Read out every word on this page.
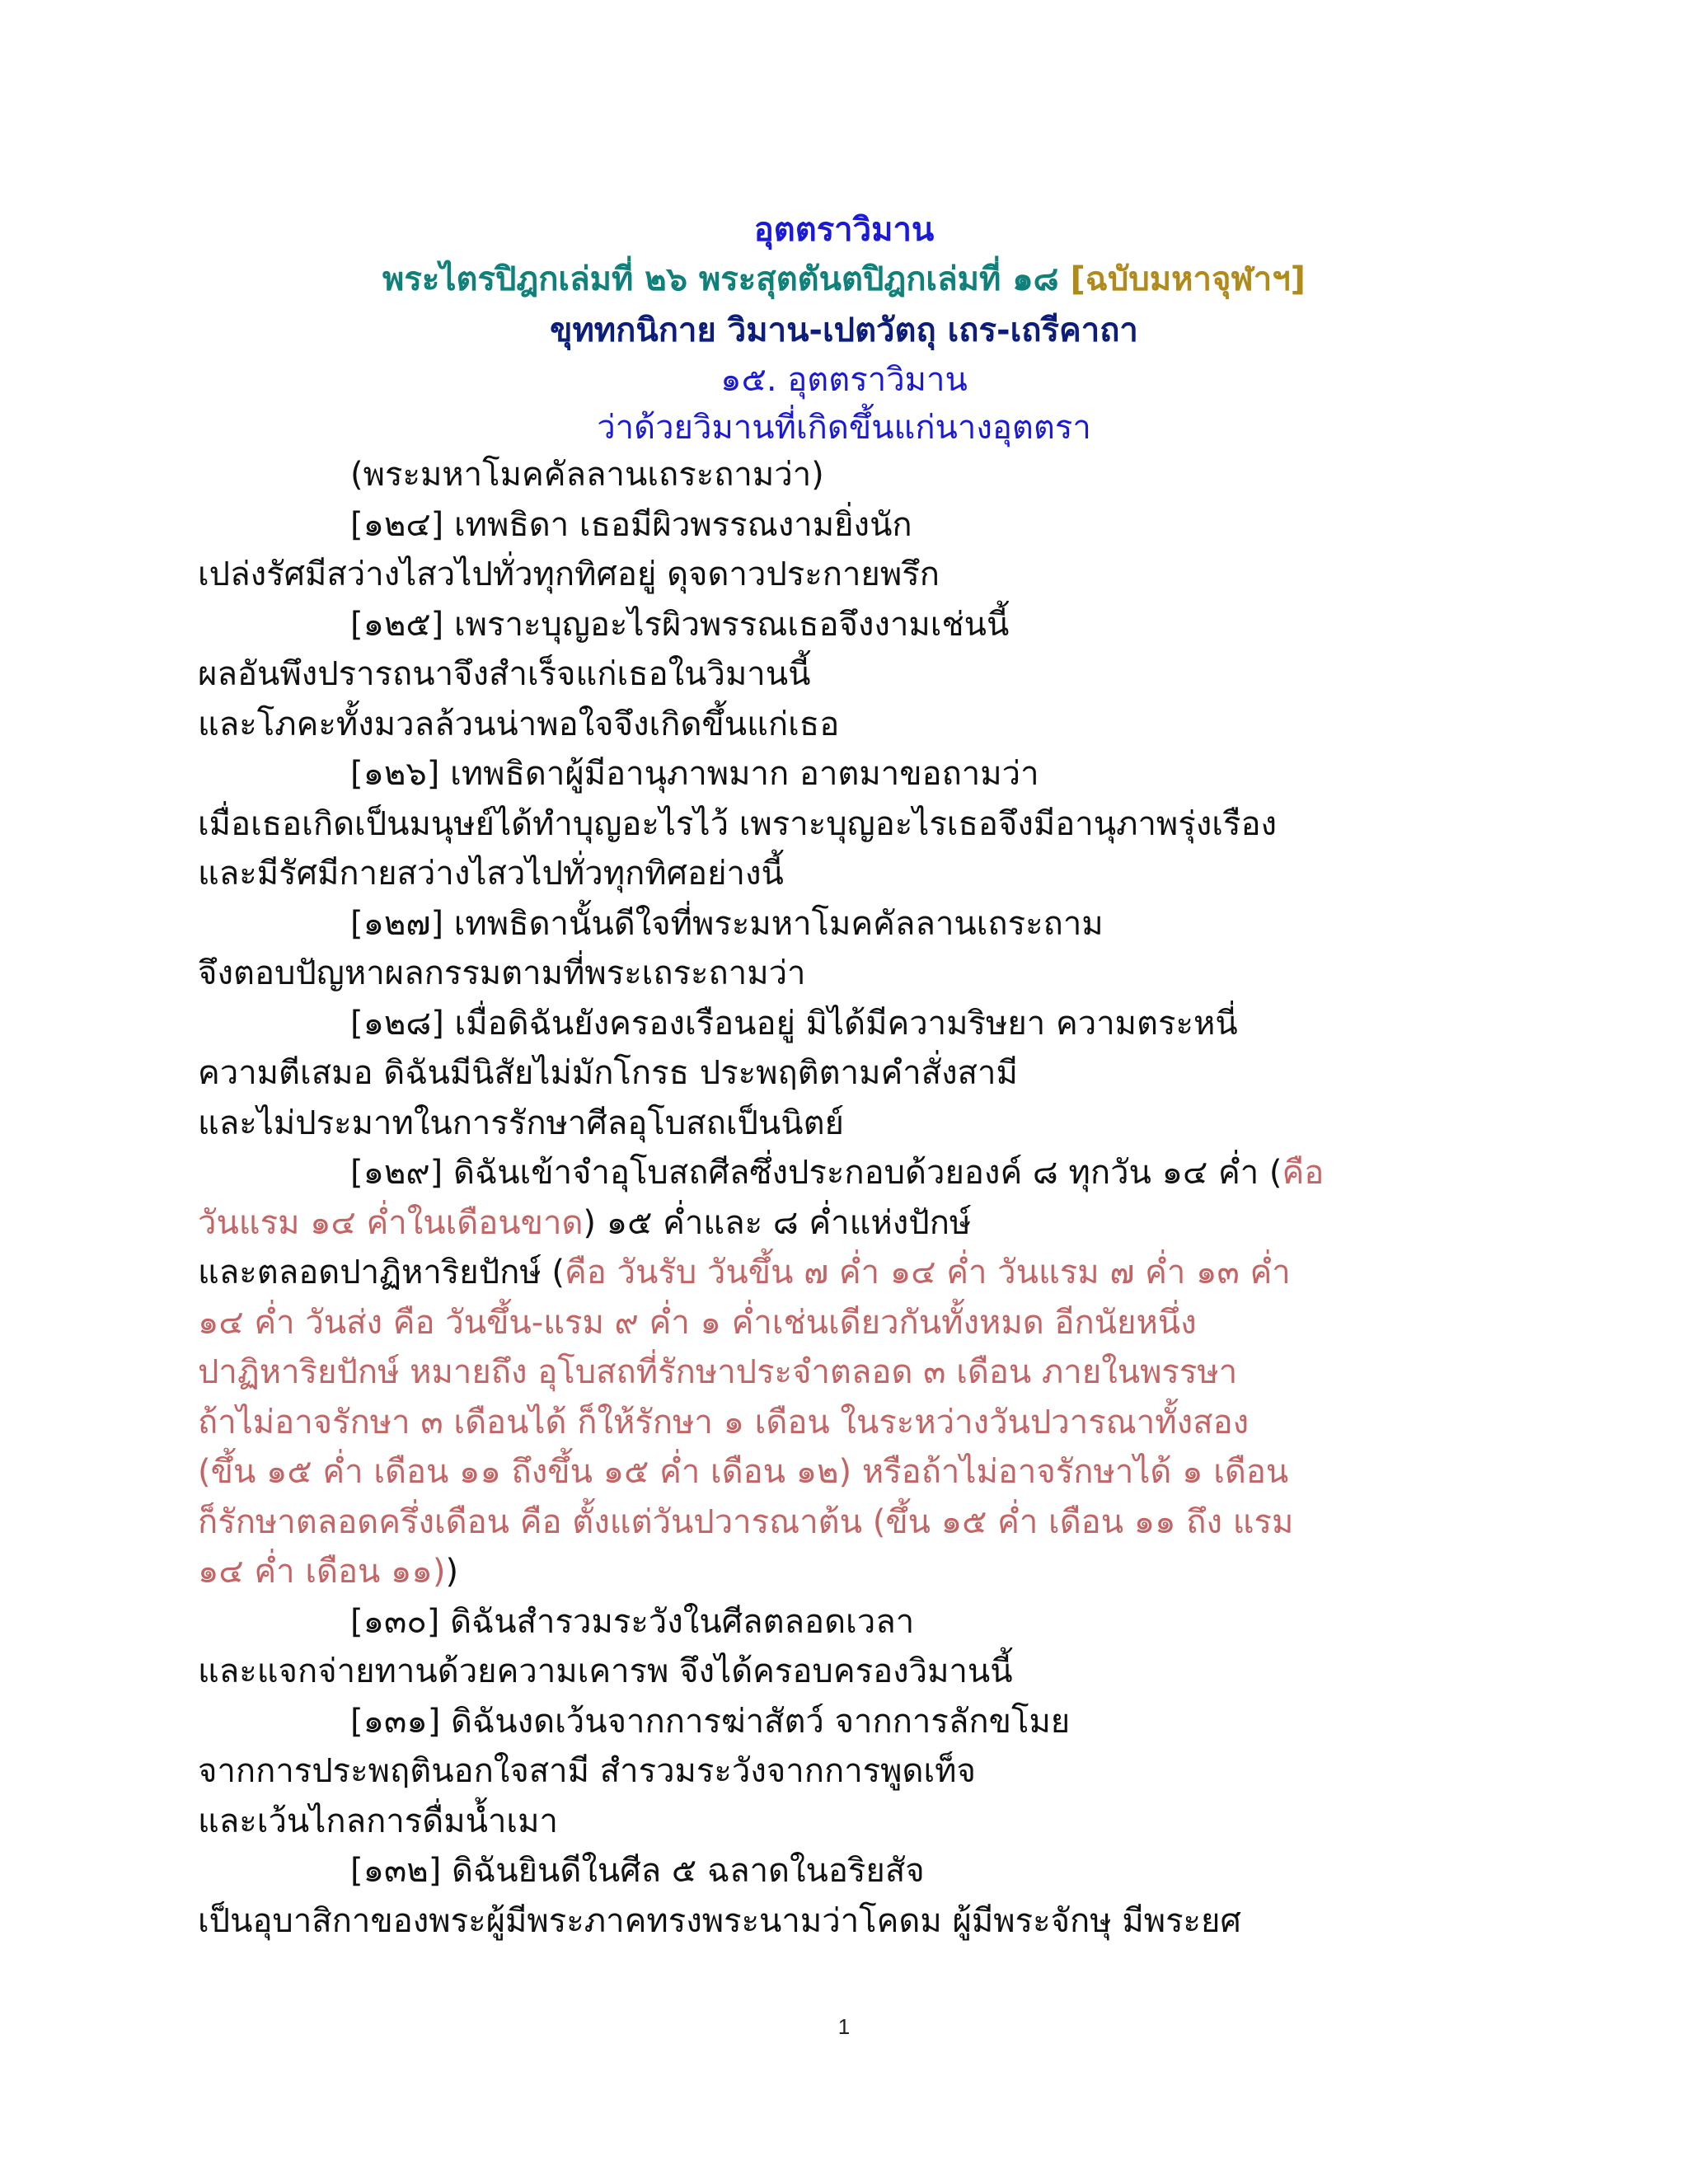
อุตตราวิมาน
พระไตรปิฎกเล่มที่ ๒๖ พระสุตตันตปิฎกเล่มที่ ๑๘ [ฉบับมหาจุฬาฯ]
ขุททกนิกาย วิมาน-เปตวัตถุ เถร-เถรีคาถา
๑๕. อุตตราวิมาน
ว่าด้วยวิมานที่เกิดขึ้นแก่นางอุตตรา
(พระมหาโมคคัลลานเถระถามว่า)
[๑๒๔] เทพธิดา เธอมีผิวพรรณงามยิ่งนัก
เปล่งรัศมีสว่างไสวไปทั่วทุกทิศอยู่ ดุจดาวประกายพรึก
[๑๒๕] เพราะบุญอะไรผิวพรรณเธอจึงงามเช่นนี้
ผลอันพึงปรารถนาจึงสำเร็จแก่เธอในวิมานนี้
และโภคะทั้งมวลล้วนน่าพอใจจึงเกิดขึ้นแก่เธอ
[๑๒๖] เทพธิดาผู้มีอานุภาพมาก อาตมาขอถามว่า
เมื่อเธอเกิดเป็นมนุษย์ได้ทำบุญอะไรไว้ เพราะบุญอะไรเธอจึงมีอานุภาพรุ่งเรือง
และมีรัศมีกายสว่างไสวไปทั่วทุกทิศอย่างนี้
[๑๒๗] เทพธิดานั้นดีใจที่พระมหาโมคคัลลานเถระถาม
จึงตอบปัญหาผลกรรมตามที่พระเถระถามว่า
[๑๒๘] เมื่อดิฉันยังครองเรือนอยู่ มิได้มีความริษยา ความตระหนี่
ความตีเสมอ ดิฉันมีนิสัยไม่มักโกรธ ประพฤติตามคำสั่งสามี
และไม่ประมาทในการรักษาศีลอุโบสถเป็นนิตย์
[๑๒๙] ดิฉันเข้าจำอุโบสถศีลซึ่งประกอบด้วยองค์ ๘ ทุกวัน ๑๔ ค่ำ (คือ
วันแรม ๑๔ ค่ำในเดือนขาด) ๑๕ ค่ำและ ๘ ค่ำแห่งปักษ์
และตลอดปาฏิหาริยปักษ์ (คือ วันรับ วันขึ้น ๗ ค่ำ ๑๔ ค่ำ วันแรม ๗ ค่ำ ๑๓ ค่ำ
๑๔ ค่ำ วันส่ง คือ วันขึ้น-แรม ๙ ค่ำ ๑ ค่ำเช่นเดียวกันทั้งหมด อีกนัยหนึ่ง
ปาฏิหาริยปักษ์ หมายถึง อุโบสถที่รักษาประจำตลอด ๓ เดือน ภายในพรรษา
ถ้าไม่อาจรักษา ๓ เดือนได้ ก็ให้รักษา ๑ เดือน ในระหว่างวันปวารณาทั้งสอง
(ขึ้น ๑๕ ค่ำ เดือน ๑๑ ถึงขึ้น ๑๕ ค่ำ เดือน ๑๒) หรือถ้าไม่อาจรักษาได้ ๑ เดือน
ก็รักษาตลอดครึ่งเดือน คือ ตั้งแต่วันปวารณาต้น (ขึ้น ๑๕ ค่ำ เดือน ๑๑ ถึง แรม
๑๔ ค่ำ เดือน ๑๑))
[๑๓๐] ดิฉันสำรวมระวังในศีลตลอดเวลา
และแจกจ่ายทานด้วยความเคารพ จึงได้ครอบครองวิมานนี้
[๑๓๑] ดิฉันงดเว้นจากการฆ่าสัตว์ จากการลักขโมย
จากการประพฤตินอกใจสามี สำรวมระวังจากการพูดเท็จ
และเว้นไกลการดื่มน้ำเมา
[๑๓๒] ดิฉันยินดีในศีล ๕ ฉลาดในอริยสัจ
เป็นอุบาสิกาของพระผู้มีพระภาคทรงพระนามว่าโคดม ผู้มีพระจักษุ มีพระยศ
1
